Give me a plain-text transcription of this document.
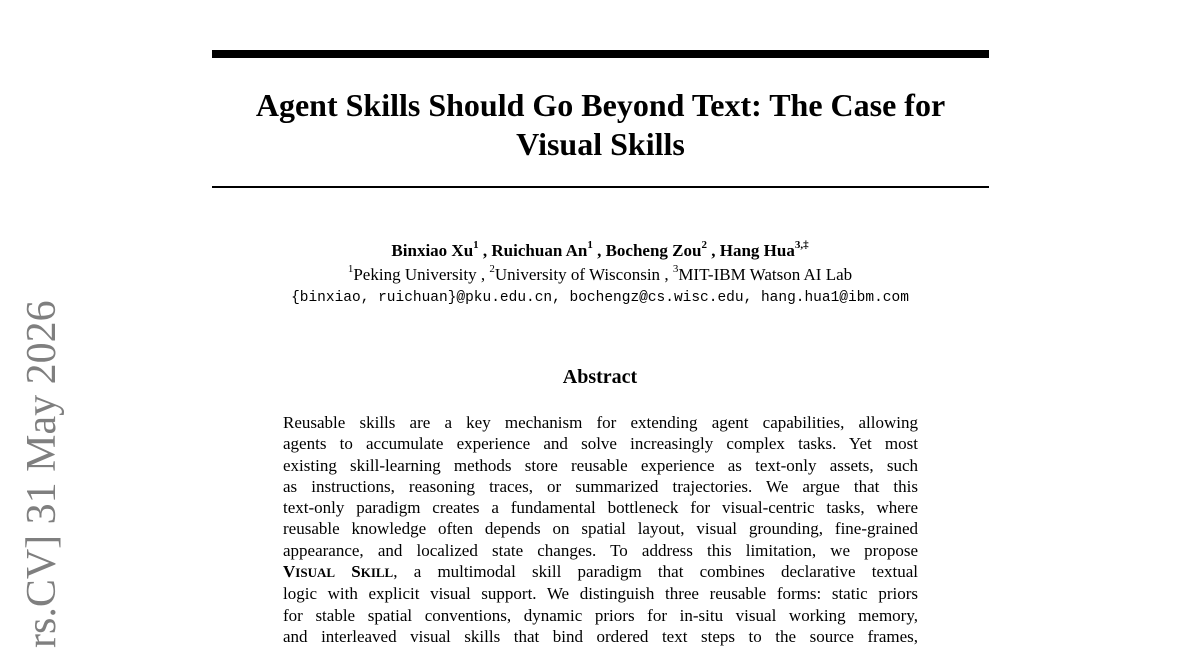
Agent Skills Should Go Beyond Text: The Case for
Visual Skills
Binxiao Xu$^1$ , Ruichuan An$^1$ , Bocheng Zou$^2$ , Hang Hua$^{3,\ddagger}$
$^1$Peking University , $^2$University of Wisconsin , $^3$MIT-IBM Watson AI Lab
{binxiao, ruichuan}@pku.edu.cn, bochengz@cs.wisc.edu, hang.hua1@ibm.com
Abstract
Reusable skills are a key mechanism for extending agent capabilities, allowing
agents to accumulate experience and solve increasingly complex tasks. Yet most
existing skill-learning methods store reusable experience as text-only assets, such
as instructions, reasoning traces, or summarized trajectories. We argue that this
text-only paradigm creates a fundamental bottleneck for visual-centric tasks, where
reusable knowledge often depends on spatial layout, visual grounding, fine-grained
appearance, and localized state changes. To address this limitation, we propose
VISUAL SKILL, a multimodal skill paradigm that combines declarative textual
logic with explicit visual support. We distinguish three reusable forms: static priors
for stable spatial conventions, dynamic priors for in-situ visual working memory,
and interleaved visual skills that bind ordered text steps to the source frames,
rs.CV] 31 May 2026
